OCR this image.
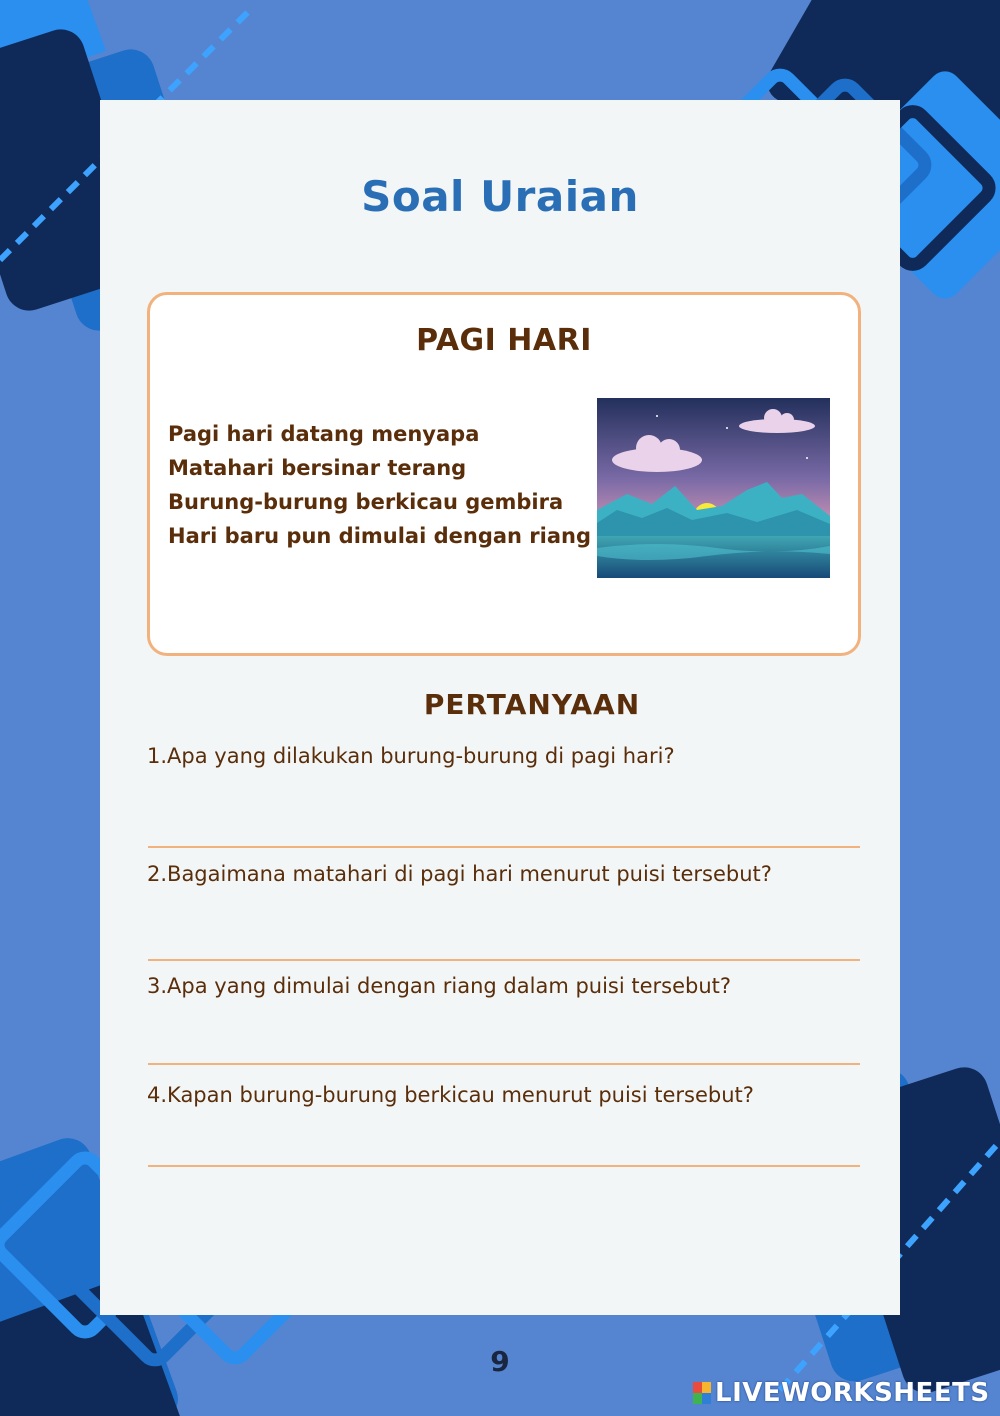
Soal Uraian
PAGI HARI
Pagi hari datang menyapa
Matahari bersinar terang
Burung-burung berkicau gembira
Hari baru pun dimulai dengan riang
PERTANYAAN
1.Apa yang dilakukan burung-burung di pagi hari?
2.Bagaimana matahari di pagi hari menurut puisi tersebut?
3.Apa yang dimulai dengan riang dalam puisi tersebut?
4.Kapan burung-burung berkicau menurut puisi tersebut?
9
LIVEWORKSHEETS
